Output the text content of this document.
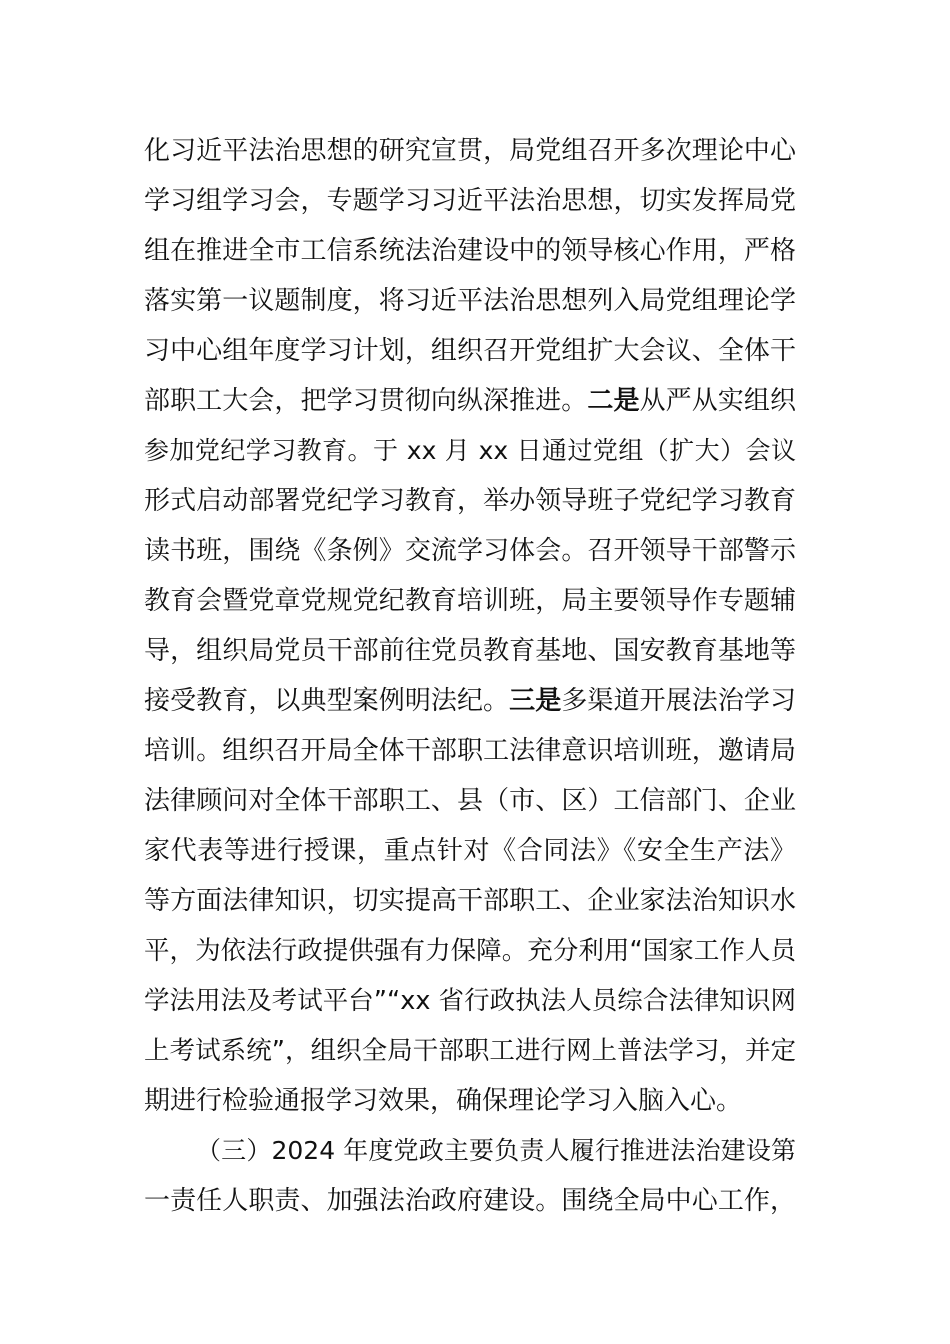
化习近平法治思想的研究宣贯，局党组召开多次理论中心
学习组学习会，专题学习习近平法治思想，切实发挥局党
组在推进全市工信系统法治建设中的领导核心作用，严格
落实第一议题制度，将习近平法治思想列入局党组理论学
习中心组年度学习计划，组织召开党组扩大会议、全体干
部职工大会，把学习贯彻向纵深推进。二是从严从实组织
参加党纪学习教育。于 xx 月 xx 日通过党组（扩大）会议
形式启动部署党纪学习教育，举办领导班子党纪学习教育
读书班，围绕《条例》交流学习体会。召开领导干部警示
教育会暨党章党规党纪教育培训班，局主要领导作专题辅
导，组织局党员干部前往党员教育基地、国安教育基地等
接受教育，以典型案例明法纪。三是多渠道开展法治学习
培训。组织召开局全体干部职工法律意识培训班，邀请局
法律顾问对全体干部职工、县（市、区）工信部门、企业
家代表等进行授课，重点针对《合同法》《安全生产法》
等方面法律知识，切实提高干部职工、企业家法治知识水
平，为依法行政提供强有力保障。充分利用“国家工作人员
学法用法及考试平台”“xx 省行政执法人员综合法律知识网
上考试系统”，组织全局干部职工进行网上普法学习，并定
期进行检验通报学习效果，确保理论学习入脑入心。
（三）2024 年度党政主要负责人履行推进法治建设第
一责任人职责、加强法治政府建设。围绕全局中心工作，
